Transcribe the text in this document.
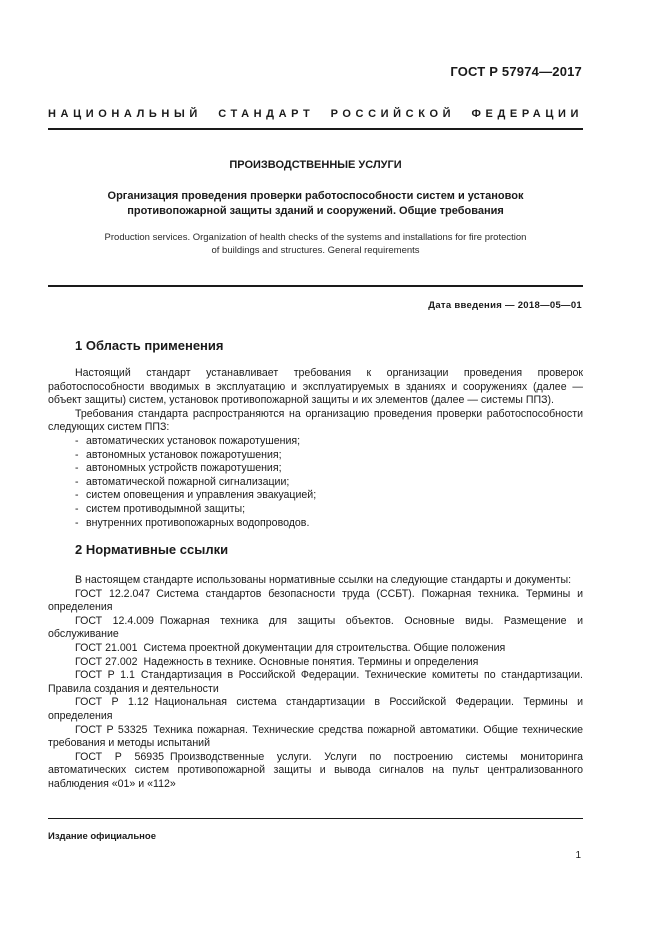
ГОСТ Р 57974—2017
НАЦИОНАЛЬНЫЙ СТАНДАРТ РОССИЙСКОЙ ФЕДЕРАЦИИ
ПРОИЗВОДСТВЕННЫЕ УСЛУГИ
Организация проведения проверки работоспособности систем и установок
противопожарной защиты зданий и сооружений. Общие требования
Production services. Organization of health checks of the systems and installations for fire protection
of buildings and structures. General requirements
Дата введения — 2018—05—01
1 Область применения

Настоящий стандарт устанавливает требования к организации проведения проверок работоспособности вводимых в эксплуатацию и эксплуатируемых в зданиях и сооружениях (далее — объект защиты) систем, установок противопожарной защиты и их элементов (далее — системы ППЗ).

Требования стандарта распространяются на организацию проведения проверки работоспособности следующих систем ППЗ:

- автоматических установок пожаротушения;
- автономных установок пожаротушения;
- автономных устройств пожаротушения;
- автоматической пожарной сигнализации;
- систем оповещения и управления эвакуацией;
- систем противодымной защиты;
- внутренних противопожарных водопроводов.
2 Нормативные ссылки

В настоящем стандарте использованы нормативные ссылки на следующие стандарты и документы:

ГОСТ 12.2.047 Система стандартов безопасности труда (ССБТ). Пожарная техника. Термины и определения

ГОСТ 12.4.009 Пожарная техника для защиты объектов. Основные виды. Размещение и обслуживание

ГОСТ 21.001 Система проектной документации для строительства. Общие положения

ГОСТ 27.002 Надежность в технике. Основные понятия. Термины и определения

ГОСТ Р 1.1 Стандартизация в Российской Федерации. Технические комитеты по стандартизации. Правила создания и деятельности

ГОСТ Р 1.12 Национальная система стандартизации в Российской Федерации. Термины и определения

ГОСТ Р 53325 Техника пожарная. Технические средства пожарной автоматики. Общие технические требования и методы испытаний

ГОСТ Р 56935 Производственные услуги. Услуги по построению системы мониторинга автоматических систем противопожарной защиты и вывода сигналов на пульт централизованного наблюдения «01» и «112»

Издание официальное
1
